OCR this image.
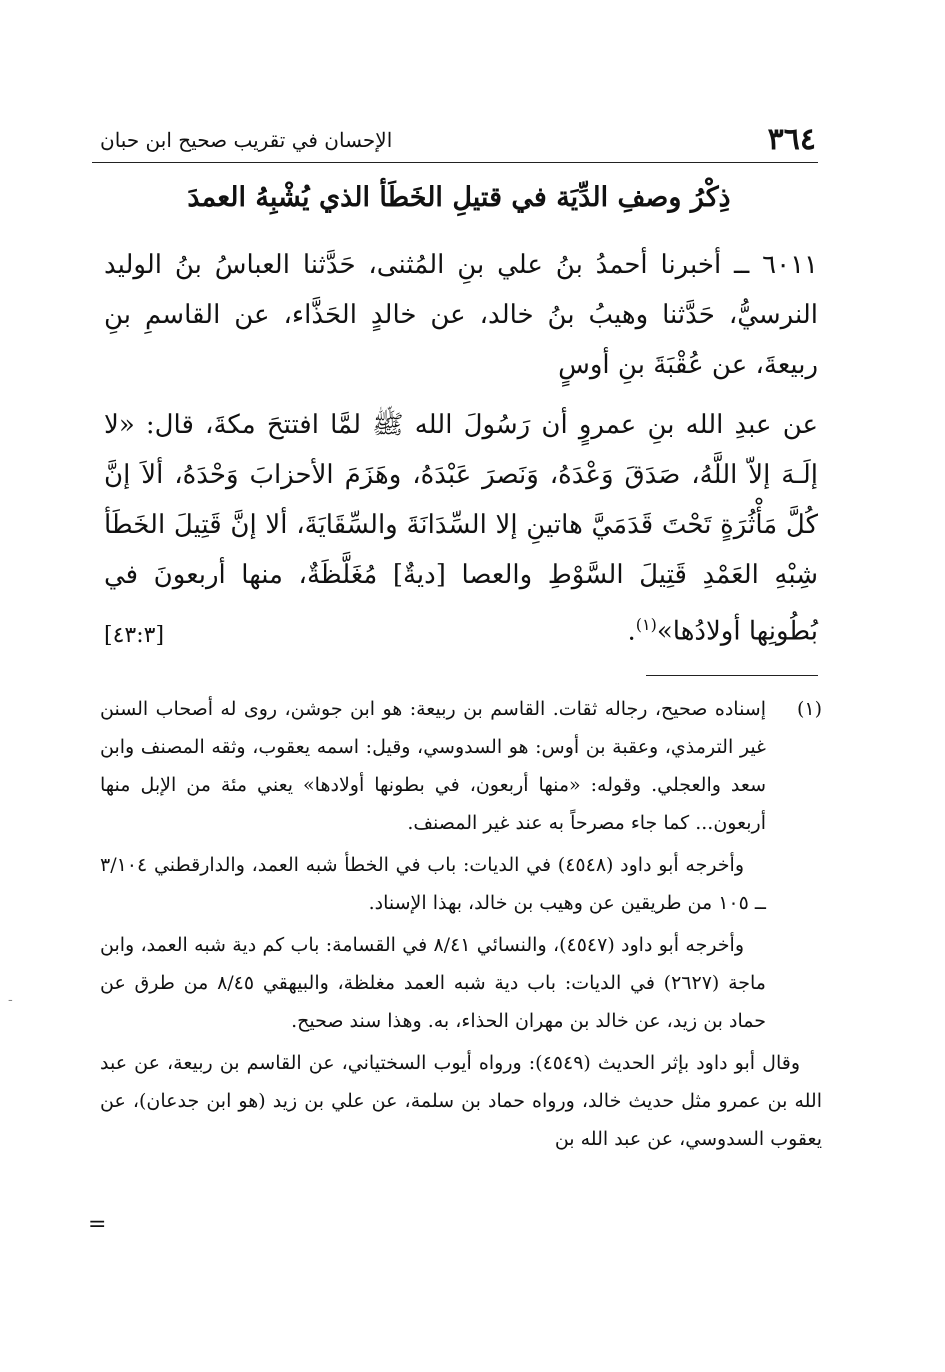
٣٦٤
الإحسان في تقريب صحيح ابن حبان
ذِكْرُ وصفِ الدِّيَة في قتيلِ الخَطَأ الذي يُشْبِهُ العمدَ
٦٠١١ ــ أخبرنا أحمدُ بنُ علي بنِ المُثنى، حَدَّثنا العباسُ بنُ الوليد النرسيُّ، حَدَّثنا وهيبُ بنُ خالد، عن خالدٍ الحَذَّاء، عن القاسمِ بنِ ربيعةَ، عن عُقْبَةَ بنِ أوسٍ
عن عبدِ الله بنِ عمروٍ أن رَسُولَ الله ﷺ لمَّا افتتحَ مكةَ، قال: «لا إلَـهَ إلاّ اللَّهُ، صَدَقَ وَعْدَهُ، وَنَصرَ عَبْدَهُ، وهَزَمَ الأحزابَ وَحْدَهُ، ألاَ إنَّ كُلَّ مَأْثُرَةٍ تَحْتَ قَدَمَيَّ هاتينِ إلا السِّدَانَةَ والسِّقَايَةَ، ألا إنَّ قَتِيلَ الخَطَأ شِبْهِ العَمْدِ قَتِيلَ السَّوْطِ والعصا [ديةٌ] مُغَلَّظَةٌ، منها أربعونَ في بُطُونِها أولادُها»$^{(١)}$.
[٤٣:٣]
(١)
إسناده صحيح، رجاله ثقات. القاسم بن ربيعة: هو ابن جوشن، روى له أصحاب السنن غير الترمذي، وعقبة بن أوس: هو السدوسي، وقيل: اسمه يعقوب، وثقه المصنف وابن سعد والعجلي. وقوله: «منها أربعون، في بطونها أولادها» يعني مئة من الإبل منها أربعون... كما جاء مصرحاً به عند غير المصنف.
وأخرجه أبو داود (٤٥٤٨) في الديات: باب في الخطأ شبه العمد، والدارقطني ٣/١٠٤ ــ ١٠٥ من طريقين عن وهيب بن خالد، بهذا الإسناد.
وأخرجه أبو داود (٤٥٤٧)، والنسائي ٨/٤١ في القسامة: باب كم دية شبه العمد، وابن ماجة (٢٦٢٧) في الديات: باب دية شبه العمد مغلظة، والبيهقي ٨/٤٥ من طرق عن حماد بن زيد، عن خالد بن مهران الحذاء، به. وهذا سند صحيح.
وقال أبو داود بإثر الحديث (٤٥٤٩): ورواه أيوب السختياني، عن القاسم بن ربيعة، عن عبد الله بن عمرو مثل حديث خالد، ورواه حماد بن سلمة، عن علي بن زيد (هو ابن جدعان)، عن يعقوب السدوسي، عن عبد الله بن
=
-
